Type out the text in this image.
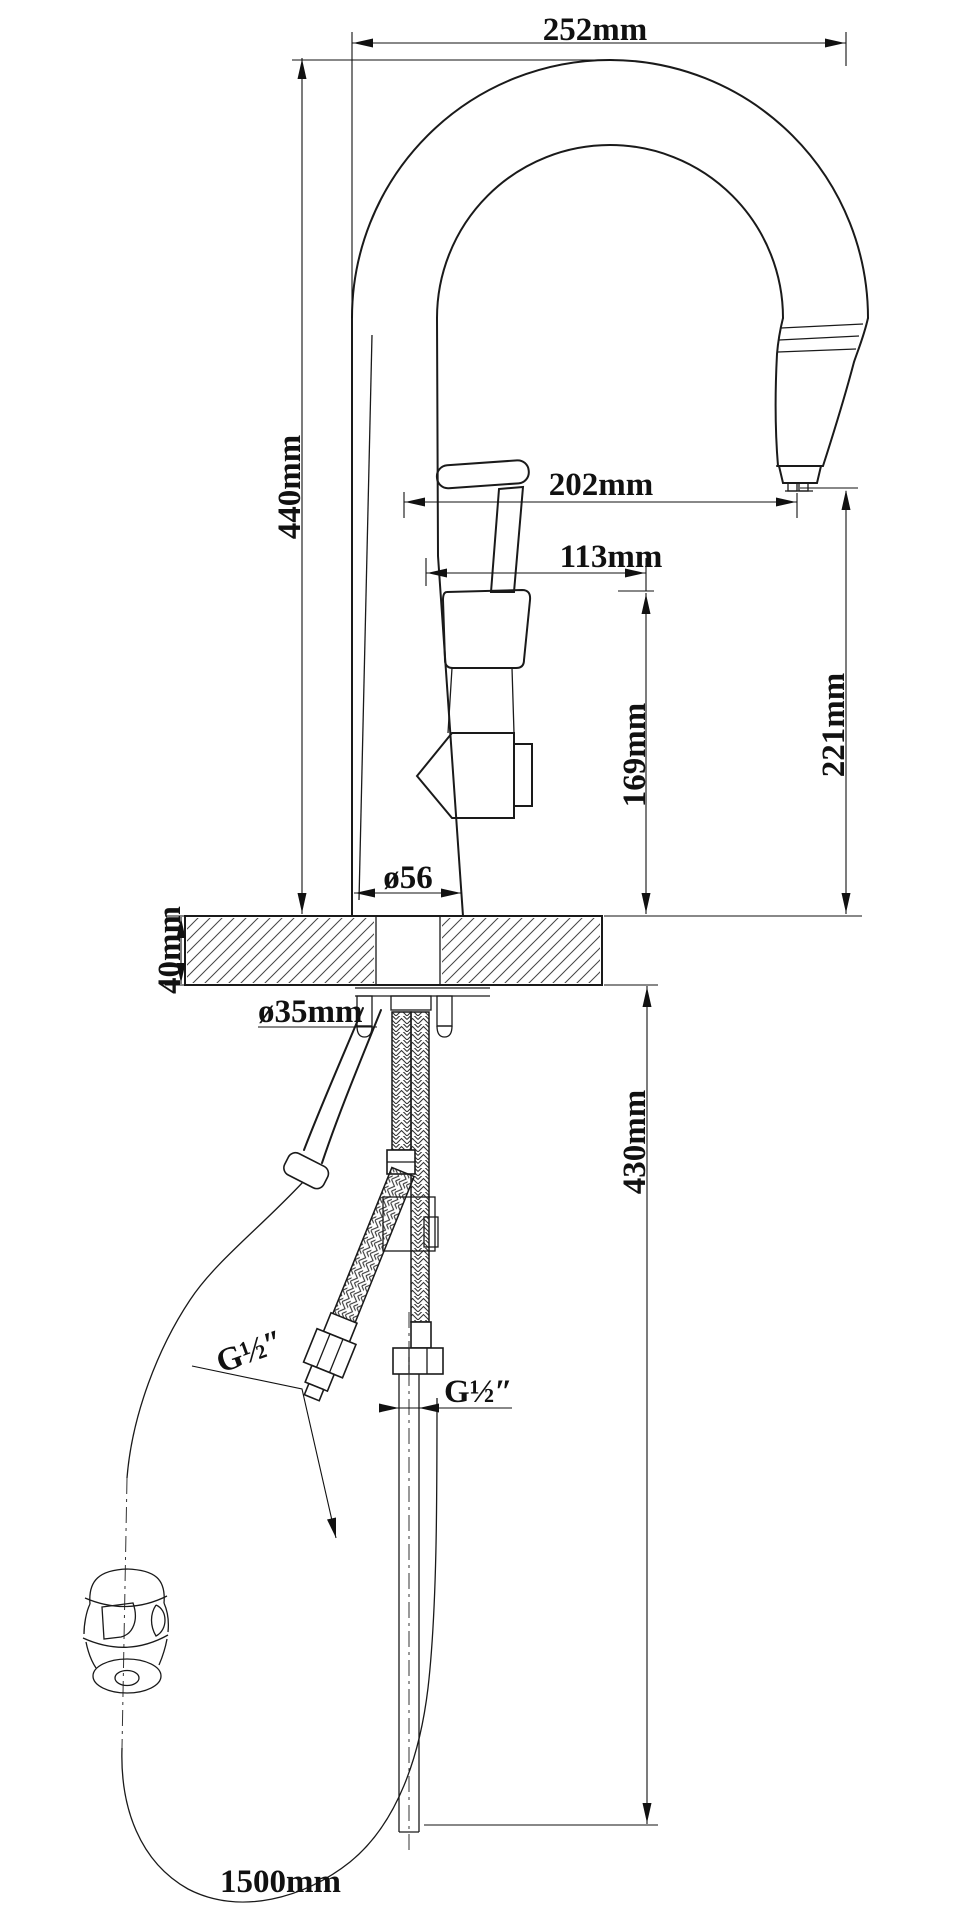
252mm
440mm	202mm
113mm
221mm
169mm
ø56
40mm
ø35mm
430mm
G½″
G½″
1500mm
